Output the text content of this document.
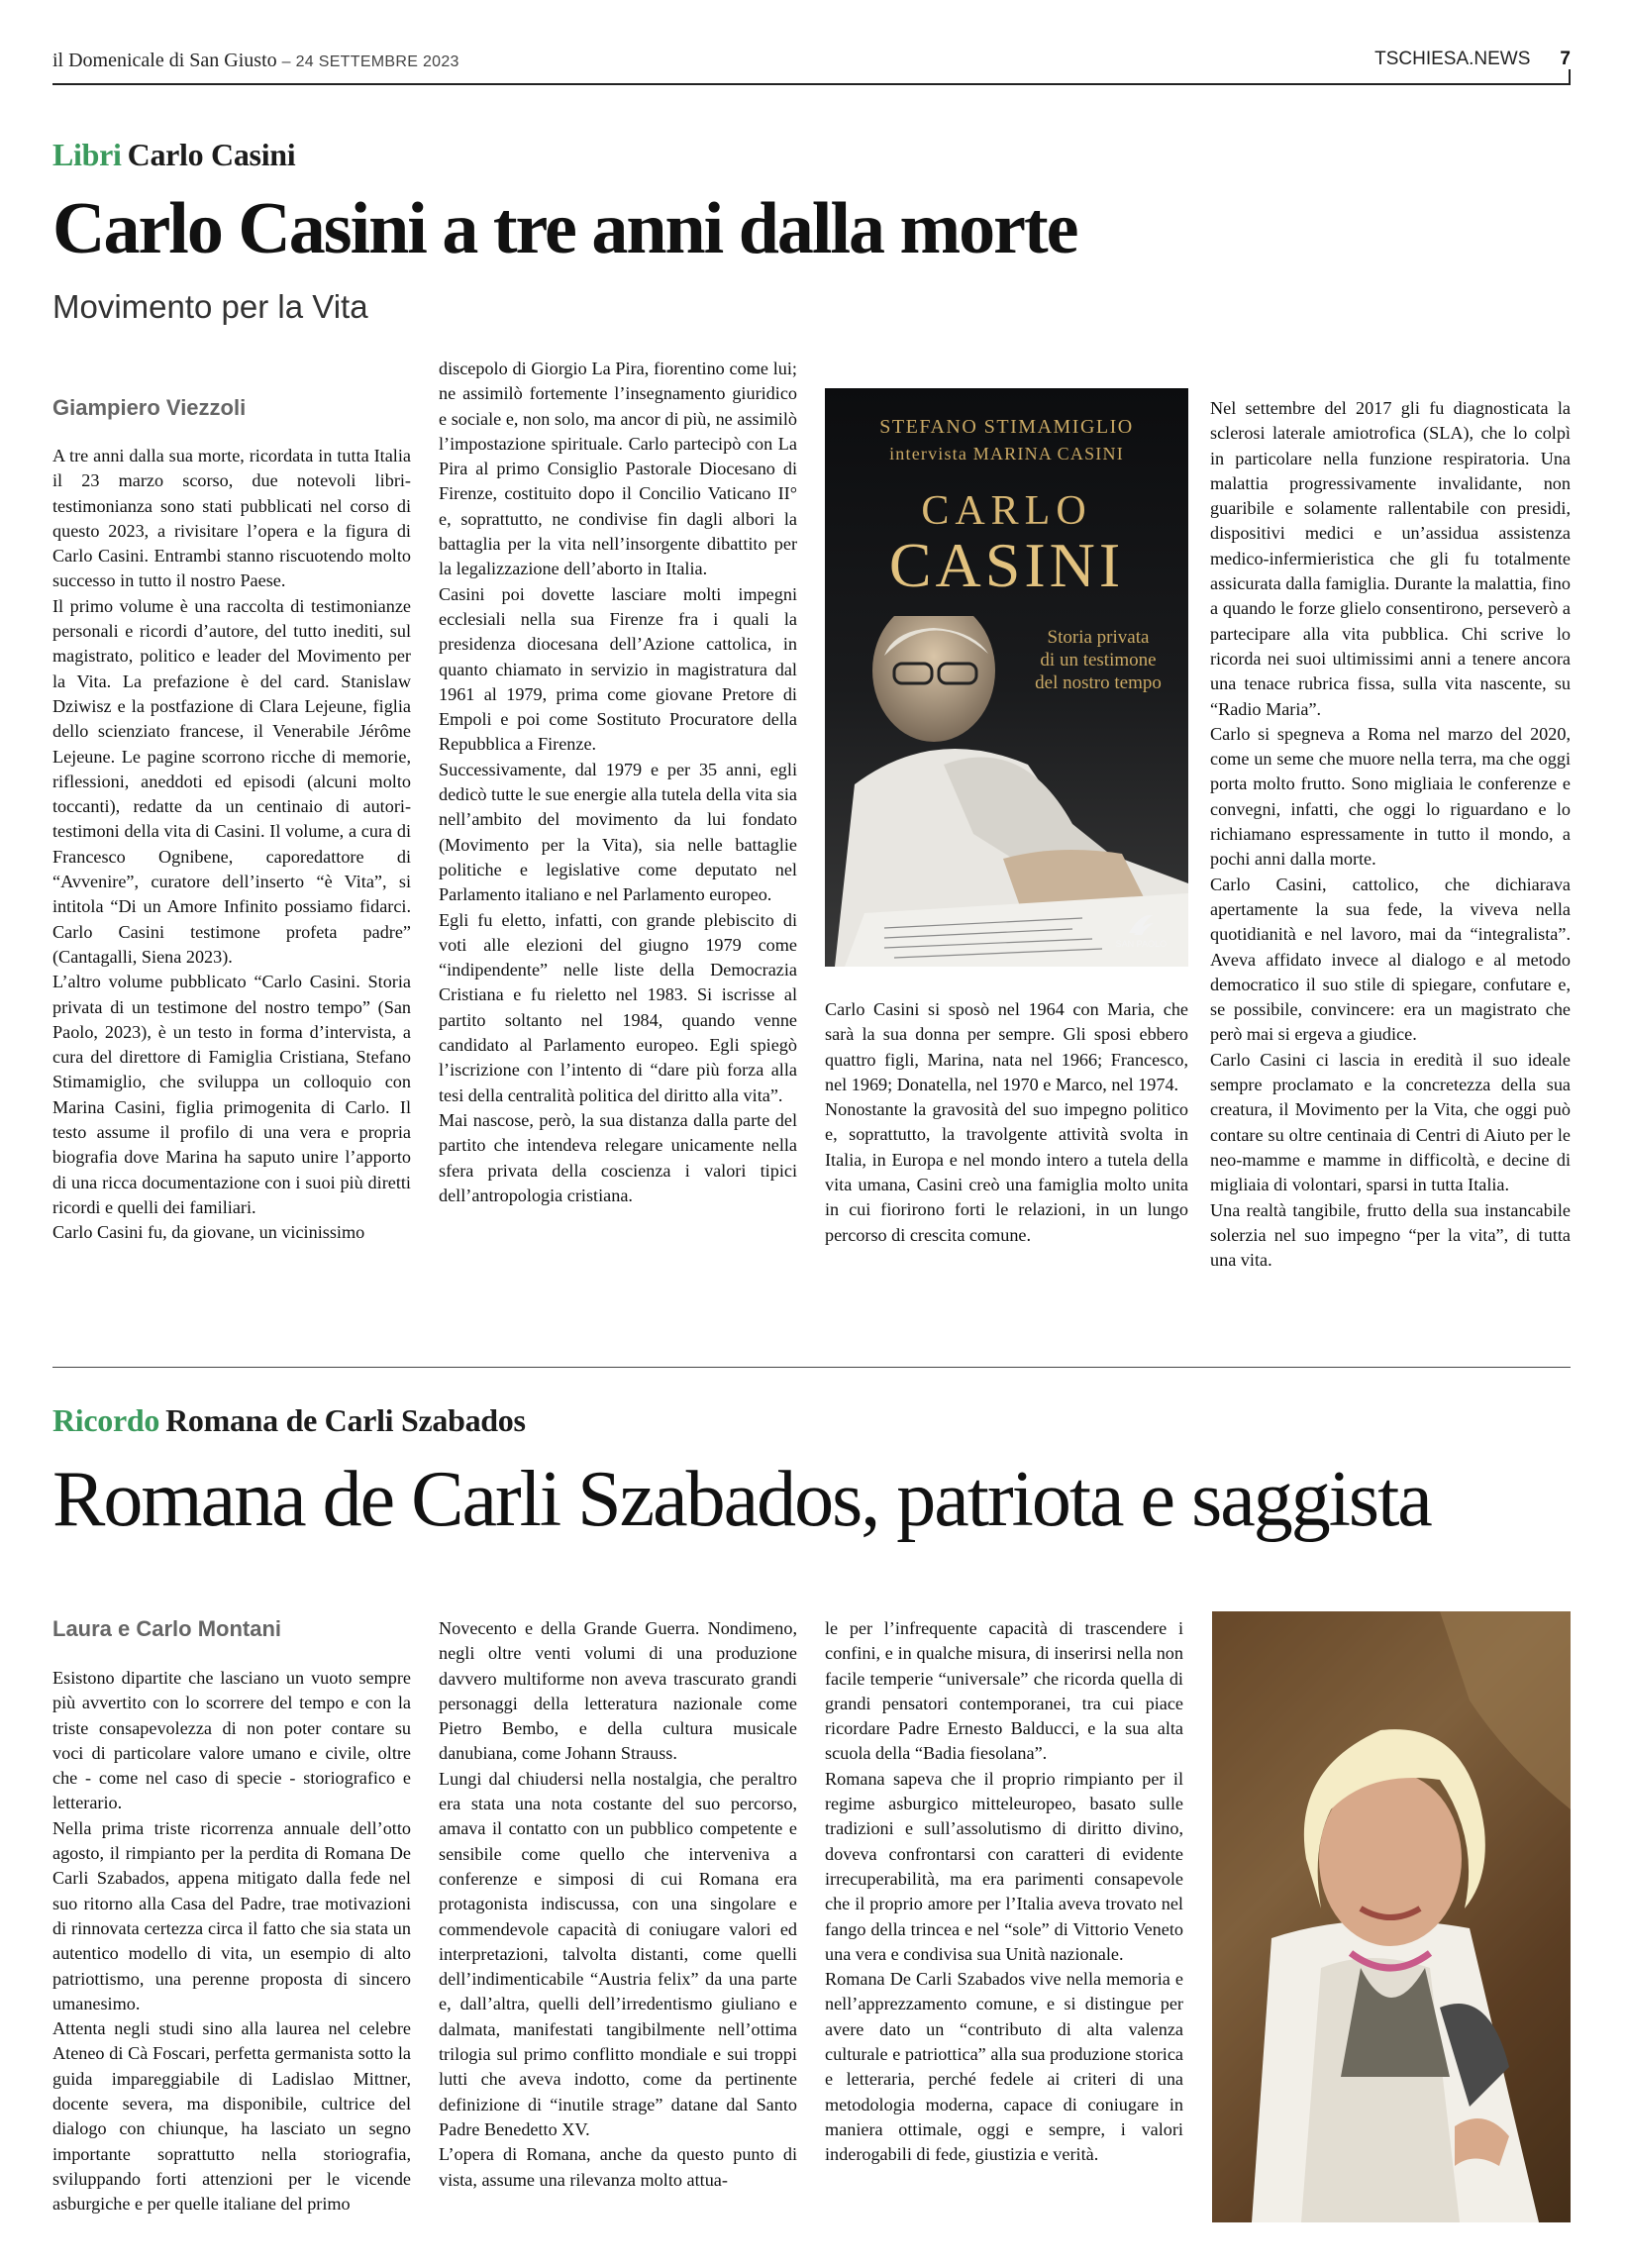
il Domenicale di San Giusto – 24 SETTEMBRE 2023	TSCHIESA.NEWS 7
Libri Carlo Casini
Carlo Casini a tre anni dalla morte
Movimento per la Vita
Giampiero Viezzoli

A tre anni dalla sua morte, ricordata in tutta Italia il 23 marzo scorso, due notevoli libri-testimonianza sono stati pubblicati nel corso di questo 2023, a rivisitare l’opera e la figura di Carlo Casini. Entrambi stanno riscuotendo molto successo in tutto il nostro Paese.

Il primo volume è una raccolta di testimonianze personali e ricordi d’autore, del tutto inediti, sul magistrato, politico e leader del Movimento per la Vita. La prefazione è del card. Stanislaw Dziwisz e la postfazione di Clara Lejeune, figlia dello scienziato francese, il Venerabile Jérôme Lejeune. Le pagine scorrono ricche di memorie, riflessioni, aneddoti ed episodi (alcuni molto toccanti), redatte da un centinaio di autori-testimoni della vita di Casini. Il volume, a cura di Francesco Ognibene, caporedattore di “Avvenire”, curatore dell’inserto “è Vita”, si intitola “Di un Amore Infinito possiamo fidarci. Carlo Casini testimone profeta padre” (Cantagalli, Siena 2023).

L’altro volume pubblicato “Carlo Casini. Storia privata di un testimone del nostro tempo” (San Paolo, 2023), è un testo in forma d’intervista, a cura del direttore di Famiglia Cristiana, Stefano Stimamiglio, che sviluppa un colloquio con Marina Casini, figlia primogenita di Carlo. Il testo assume il profilo di una vera e propria biografia dove Marina ha saputo unire l’apporto di una ricca documentazione con i suoi più diretti ricordi e quelli dei familiari.

Carlo Casini fu, da giovane, un vicinissimo

discepolo di Giorgio La Pira, fiorentino come lui; ne assimilò fortemente l’insegnamento giuridico e sociale e, non solo, ma ancor di più, ne assimilò l’impostazione spirituale. Carlo partecipò con La Pira al primo Consiglio Pastorale Diocesano di Firenze, costituito dopo il Concilio Vaticano II° e, soprattutto, ne condivise fin dagli albori la battaglia per la vita nell’insorgente dibattito per la legalizzazione dell’aborto in Italia.

Casini poi dovette lasciare molti impegni ecclesiali nella sua Firenze fra i quali la presidenza diocesana dell’Azione cattolica, in quanto chiamato in servizio in magistratura dal 1961 al 1979, prima come giovane Pretore di Empoli e poi come Sostituto Procuratore della Repubblica a Firenze.

Successivamente, dal 1979 e per 35 anni, egli dedicò tutte le sue energie alla tutela della vita sia nell’ambito del movimento da lui fondato (Movimento per la Vita), sia nelle battaglie politiche e legislative come deputato nel Parlamento italiano e nel Parlamento europeo.

Egli fu eletto, infatti, con grande plebiscito di voti alle elezioni del giugno 1979 come “indipendente” nelle liste della Democrazia Cristiana e fu rieletto nel 1983. Si iscrisse al partito soltanto nel 1984, quando venne candidato al Parlamento europeo. Egli spiegò l’iscrizione con l’intento di “dare più forza alla tesi della centralità politica del diritto alla vita”.

Mai nascose, però, la sua distanza dalla parte del partito che intendeva relegare unicamente nella sfera privata della coscienza i valori tipici dell’antropologia cristiana.

STEFANO STIMAMIGLIO
intervista MARINA CASINI
CARLO
CASINI
Storia privata
di un testimone
del nostro tempo
SAN PAOLO

Carlo Casini si sposò nel 1964 con Maria, che sarà la sua donna per sempre. Gli sposi ebbero quattro figli, Marina, nata nel 1966; Francesco, nel 1969; Donatella, nel 1970 e Marco, nel 1974.

Nonostante la gravosità del suo impegno politico e, soprattutto, la travolgente attività svolta in Italia, in Europa e nel mondo intero a tutela della vita umana, Casini creò una famiglia molto unita in cui fiorirono forti le relazioni, in un lungo percorso di crescita comune.

Nel settembre del 2017 gli fu diagnosticata la sclerosi laterale amiotrofica (SLA), che lo colpì in particolare nella funzione respiratoria. Una malattia progressivamente invalidante, non guaribile e solamente rallentabile con presidi, dispositivi medici e un’assidua assistenza medico-infermieristica che gli fu totalmente assicurata dalla famiglia. Durante la malattia, fino a quando le forze glielo consentirono, perseverò a partecipare alla vita pubblica. Chi scrive lo ricorda nei suoi ultimissimi anni a tenere ancora una tenace rubrica fissa, sulla vita nascente, su “Radio Maria”.

Carlo si spegneva a Roma nel marzo del 2020, come un seme che muore nella terra, ma che oggi porta molto frutto. Sono migliaia le conferenze e convegni, infatti, che oggi lo riguardano e lo richiamano espressamente in tutto il mondo, a pochi anni dalla morte.

Carlo Casini, cattolico, che dichiarava apertamente la sua fede, la viveva nella quotidianità e nel lavoro, mai da “integralista”. Aveva affidato invece al dialogo e al metodo democratico il suo stile di spiegare, confutare e, se possibile, convincere: era un magistrato che però mai si ergeva a giudice.

Carlo Casini ci lascia in eredità il suo ideale sempre proclamato e la concretezza della sua creatura, il Movimento per la Vita, che oggi può contare su oltre centinaia di Centri di Aiuto per le neo-mamme e mamme in difficoltà, e decine di migliaia di volontari, sparsi in tutta Italia.

Una realtà tangibile, frutto della sua instancabile solerzia nel suo impegno “per la vita”, di tutta una vita.

Ricordo Romana de Carli Szabados
Romana de Carli Szabados, patriota e saggista
Laura e Carlo Montani

Esistono dipartite che lasciano un vuoto sempre più avvertito con lo scorrere del tempo e con la triste consapevolezza di non poter contare su voci di particolare valore umano e civile, oltre che - come nel caso di specie - storiografico e letterario.

Nella prima triste ricorrenza annuale dell’otto agosto, il rimpianto per la perdita di Romana De Carli Szabados, appena mitigato dalla fede nel suo ritorno alla Casa del Padre, trae motivazioni di rinnovata certezza circa il fatto che sia stata un autentico modello di vita, un esempio di alto patriottismo, una perenne proposta di sincero umanesimo.

Attenta negli studi sino alla laurea nel celebre Ateneo di Cà Foscari, perfetta germanista sotto la guida impareggiabile di Ladislao Mittner, docente severa, ma disponibile, cultrice del dialogo con chiunque, ha lasciato un segno importante soprattutto nella storiografia, sviluppando forti attenzioni per le vicende asburgiche e per quelle italiane del primo

Novecento e della Grande Guerra. Nondimeno, negli oltre venti volumi di una produzione davvero multiforme non aveva trascurato grandi personaggi della letteratura nazionale come Pietro Bembo, e della cultura musicale danubiana, come Johann Strauss.

Lungi dal chiudersi nella nostalgia, che peraltro era stata una nota costante del suo percorso, amava il contatto con un pubblico competente e sensibile come quello che interveniva a conferenze e simposi di cui Romana era protagonista indiscussa, con una singolare e commendevole capacità di coniugare valori ed interpretazioni, talvolta distanti, come quelli dell’indimenticabile “Austria felix” da una parte e, dall’altra, quelli dell’irredentismo giuliano e dalmata, manifestati tangibilmente nell’ottima trilogia sul primo conflitto mondiale e sui troppi lutti che aveva indotto, come da pertinente definizione di “inutile strage” datane dal Santo Padre Benedetto XV.

L’opera di Romana, anche da questo punto di vista, assume una rilevanza molto attua-

le per l’infrequente capacità di trascendere i confini, e in qualche misura, di inserirsi nella non facile temperie “universale” che ricorda quella di grandi pensatori contemporanei, tra cui piace ricordare Padre Ernesto Balducci, e la sua alta scuola della “Badia fiesolana”.

Romana sapeva che il proprio rimpianto per il regime asburgico mitteleuropeo, basato sulle tradizioni e sull’assolutismo di diritto divino, doveva confrontarsi con caratteri di evidente irrecuperabilità, ma era parimenti consapevole che il proprio amore per l’Italia aveva trovato nel fango della trincea e nel “sole” di Vittorio Veneto una vera e condivisa sua Unità nazionale.

Romana De Carli Szabados vive nella memoria e nell’apprezzamento comune, e si distingue per avere dato un “contributo di alta valenza culturale e patriottica” alla sua produzione storica e letteraria, perché fedele ai criteri di una metodologia moderna, capace di coniugare in maniera ottimale, oggi e sempre, i valori inderogabili di fede, giustizia e verità.
